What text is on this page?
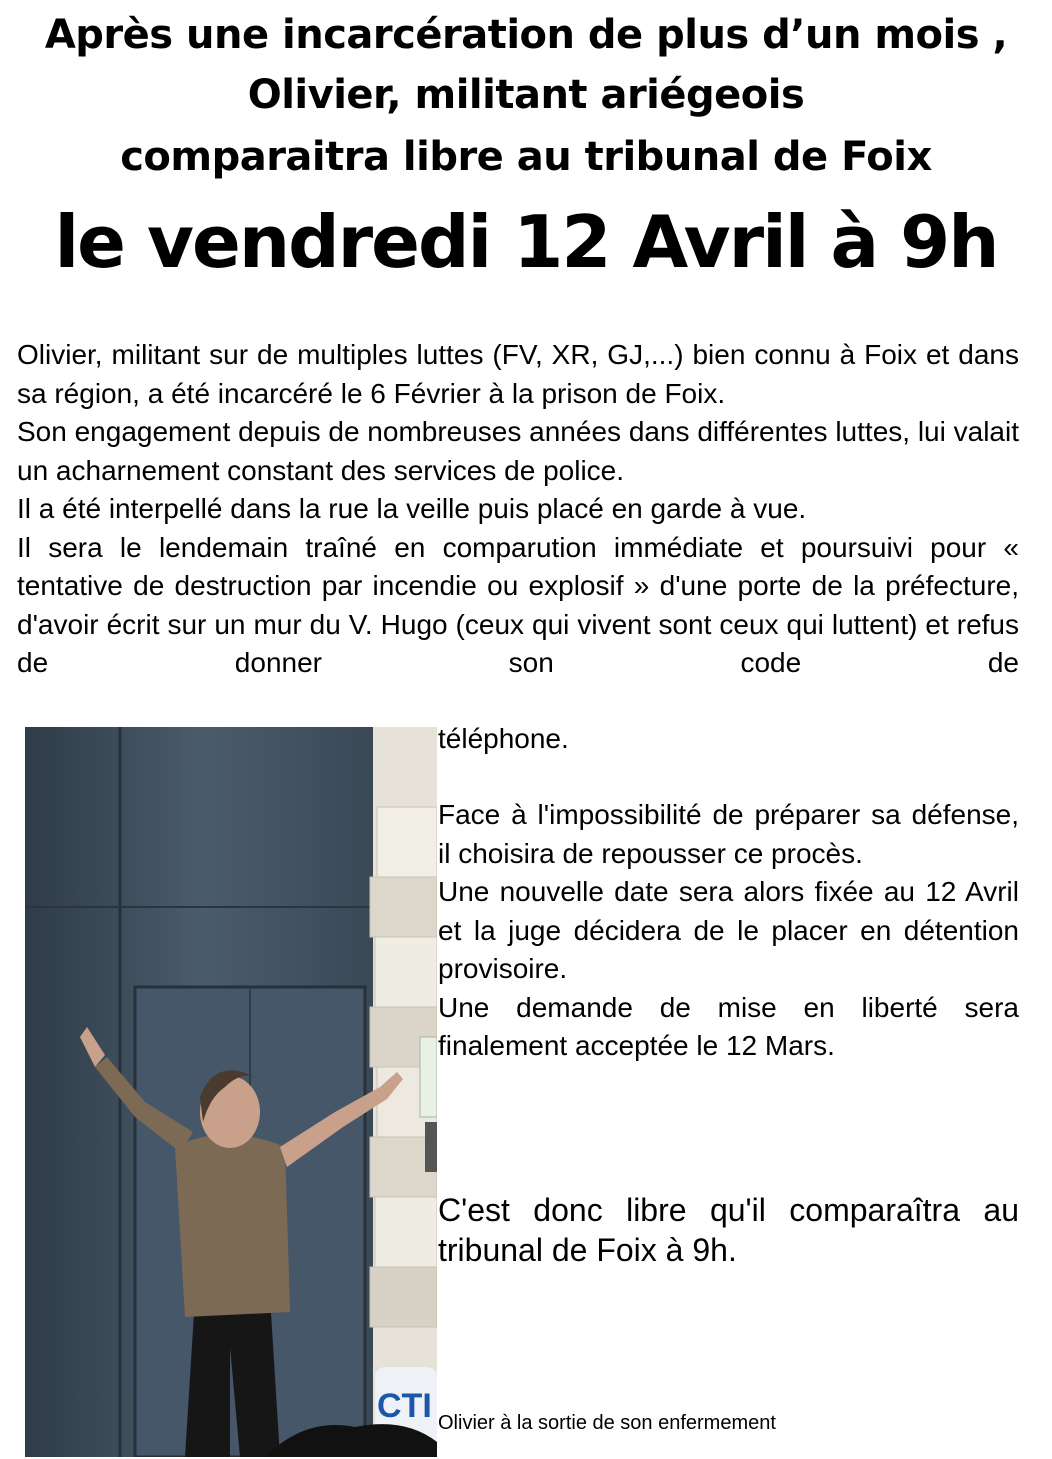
Après une incarcération de plus d’un mois ,
Olivier, militant ariégeois
comparaitra libre au tribunal de Foix
le vendredi 12 Avril à 9h

Olivier, militant sur de multiples luttes (FV, XR, GJ,...) bien connu à Foix et dans sa région, a été incarcéré le 6 Février à la prison de Foix.

Son engagement depuis de nombreuses années dans différentes luttes, lui valait un acharnement constant des services de police.

Il a été interpellé dans la rue la veille puis placé en garde à vue.

Il sera le lendemain traîné en comparution immédiate et poursuivi pour « tentative de destruction par incendie ou explosif » d'une porte de la préfecture, d'avoir écrit sur un mur du V. Hugo (ceux qui vivent sont ceux qui luttent) et refus de donner son code de

CTI
téléphone.

Face à l'impossibilité de préparer sa défense, il choisira de repousser ce procès.

Une nouvelle date sera alors fixée au 12 Avril et la juge décidera de le placer en détention provisoire.

Une demande de mise en liberté sera finalement acceptée le 12 Mars.

C'est donc libre qu'il comparaîtra au tribunal de Foix à 9h.
Olivier à la sortie de son enfermement
